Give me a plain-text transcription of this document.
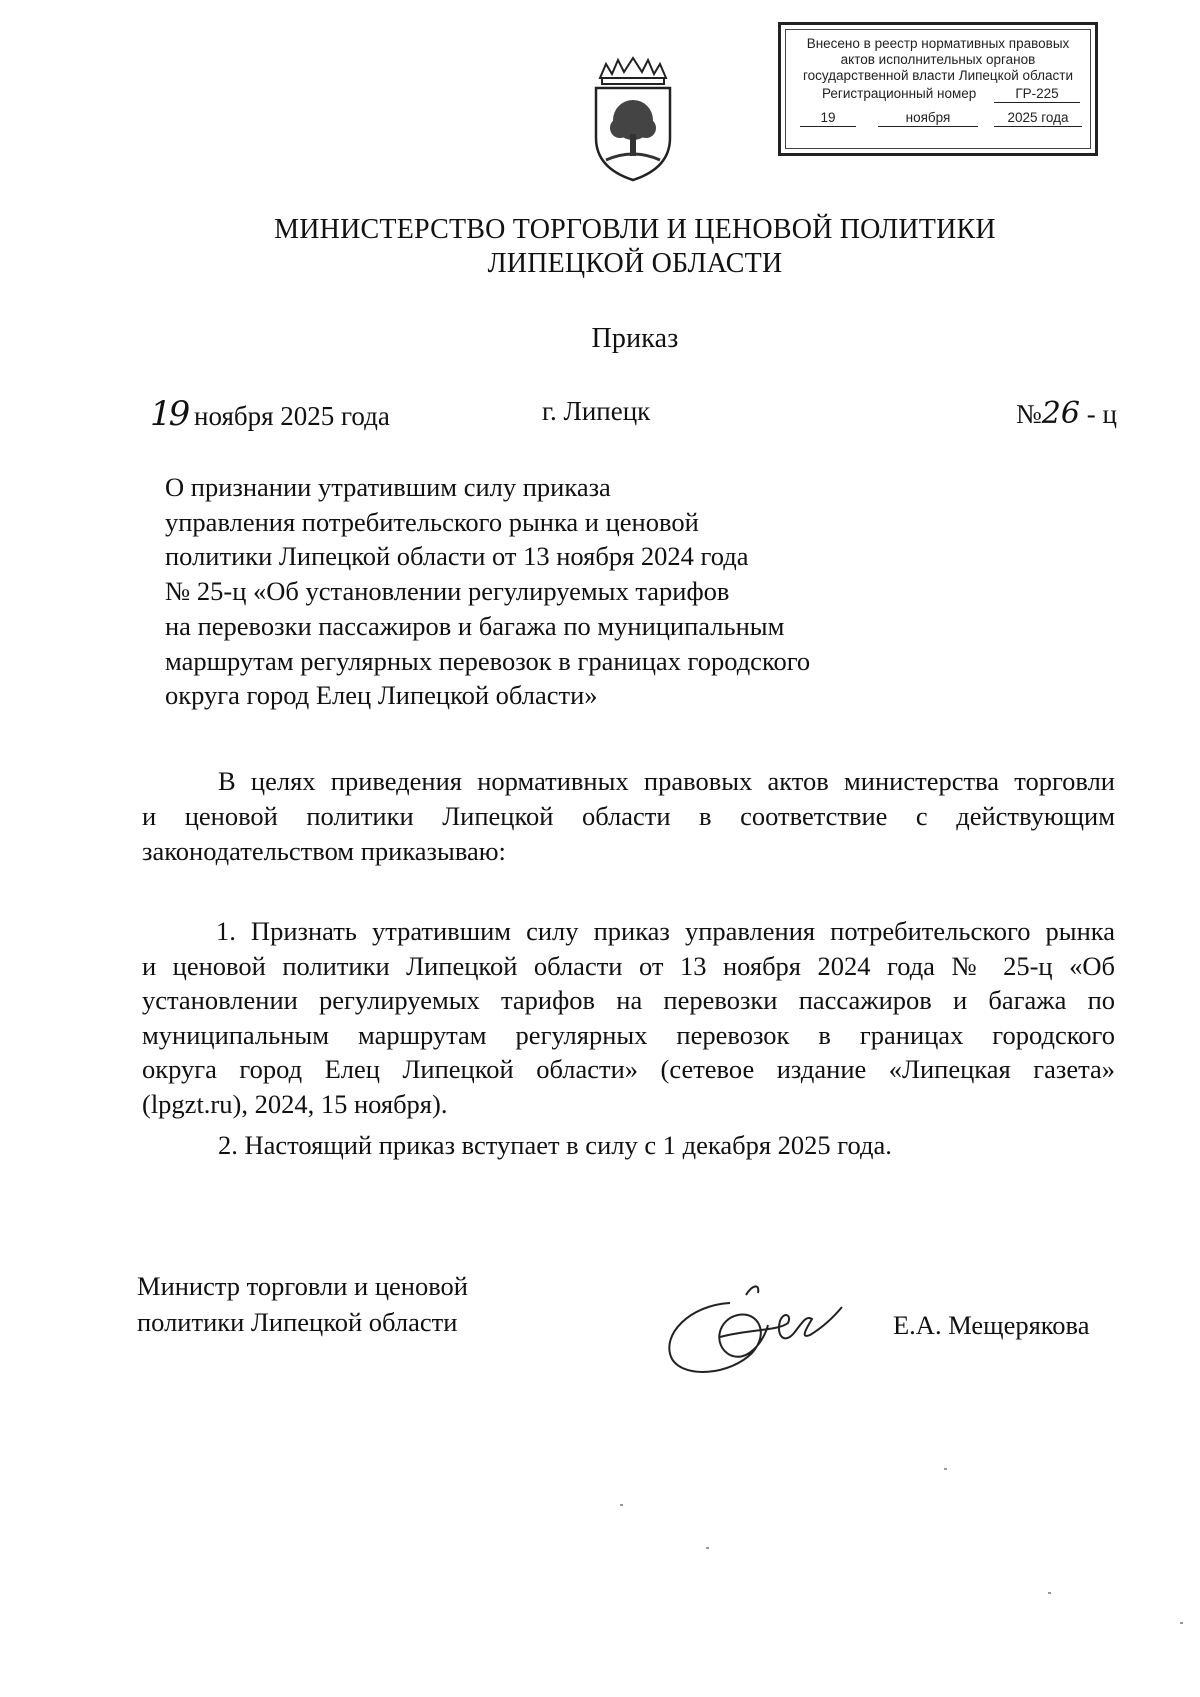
Внесено в реестр нормативных правовых
актов исполнительных органов
государственной власти Липецкой области
Регистрационный номер	ГР-225
19	ноября	2025 года
МИНИСТЕРСТВО ТОРГОВЛИ И ЦЕНОВОЙ ПОЛИТИКИ
ЛИПЕЦКОЙ ОБЛАСТИ
Приказ
19 ноября 2025 года	г. Липецк	№26 - ц
О признании утратившим силу приказа
управления потребительского рынка и ценовой
политики Липецкой области от 13 ноября 2024 года
№ 25-ц «Об установлении регулируемых тарифов
на перевозки пассажиров и багажа по муниципальным
маршрутам регулярных перевозок в границах городского
округа город Елец Липецкой области»
В целях приведения нормативных правовых актов министерства торговли
и ценовой политики Липецкой области в соответствие с действующим
законодательством приказываю:
1. Признать утратившим силу приказ управления потребительского рынка
и ценовой политики Липецкой области от 13 ноября 2024 года № 25-ц «Об
установлении регулируемых тарифов на перевозки пассажиров и багажа по
муниципальным маршрутам регулярных перевозок в границах городского
округа город Елец Липецкой области» (сетевое издание «Липецкая газета»
(lpgzt.ru), 2024, 15 ноября).
2. Настоящий приказ вступает в силу с 1 декабря 2025 года.
Министр торговли и ценовой
политики Липецкой области	Е.А. Мещерякова
